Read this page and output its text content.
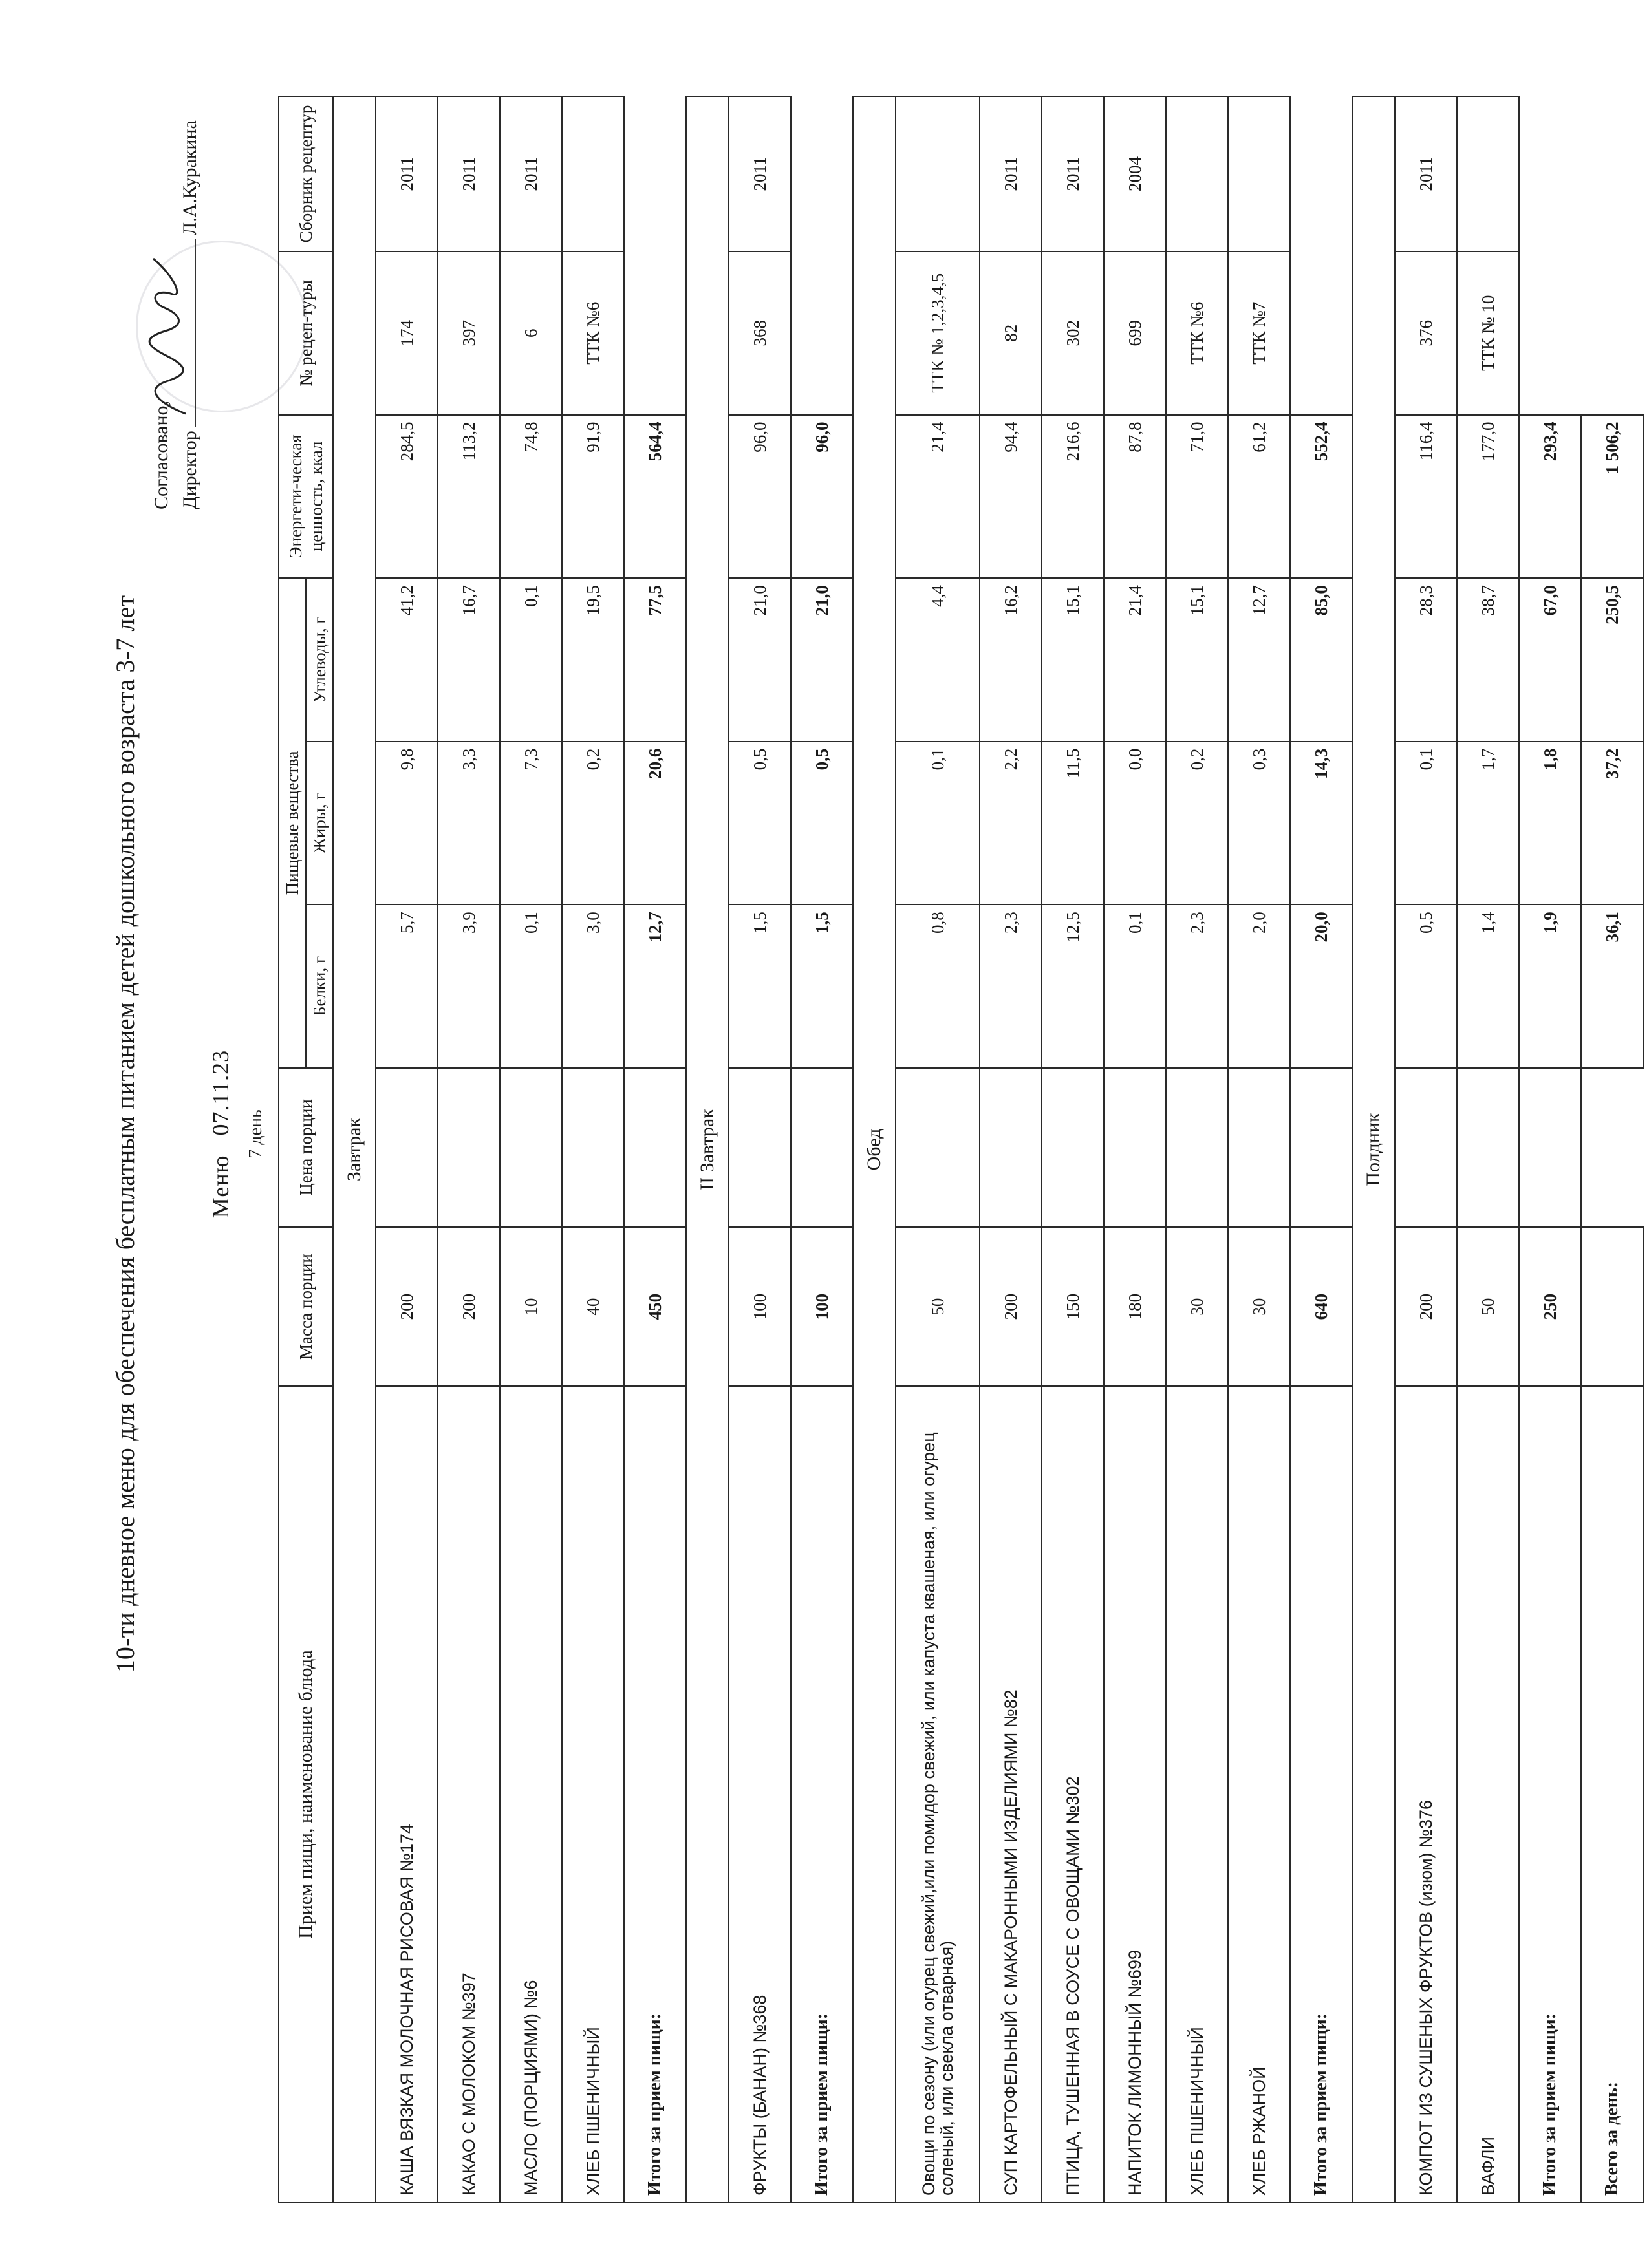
10-ти дневное меню для обеспечения бесплатным питанием детей дошкольного возраста 3-7 лет
Согласовано,
Директор
Л.А.Куракина
Меню07.11.23 7 день
Прием пищи, наименование блюда	Масса порции	Цена порции	Пищевые вещества			Энергети-ческая ценность, ккал	№ рецеп-туры	Сборник рецептур
			Белки, г	Жиры, г	Углеводы, г			
Завтрак								
КАША ВЯЗКАЯ МОЛОЧНАЯ РИСОВАЯ №174	200		5,7	9,8	41,2	284,5	174	2011
КАКАО С МОЛОКОМ №397	200		3,9	3,3	16,7	113,2	397	2011
МАСЛО (ПОРЦИЯМИ) №6	10		0,1	7,3	0,1	74,8	6	2011
ХЛЕБ ПШЕНИЧНЫЙ	40		3,0	0,2	19,5	91,9	ТТК №6	
Итого за прием пищи:	450		12,7	20,6	77,5	564,4		
II Завтрак								
ФРУКТЫ (БАНАН) №368	100		1,5	0,5	21,0	96,0	368	2011
Итого за прием пищи:	100		1,5	0,5	21,0	96,0		
Обед								
Овощи по сезону (или огурец свежий,или помидор свежий, или капуста квашеная, или огурец соленый, или свекла отварная)	50		0,8	0,1	4,4	21,4	ТТК № 1,2,3,4,5	
СУП КАРТОФЕЛЬНЫЙ С МАКАРОННЫМИ ИЗДЕЛИЯМИ №82	200		2,3	2,2	16,2	94,4	82	2011
ПТИЦА, ТУШЕННАЯ В СОУСЕ С ОВОЩАМИ №302	150		12,5	11,5	15,1	216,6	302	2011
НАПИТОК ЛИМОННЫЙ №699	180		0,1	0,0	21,4	87,8	699	2004
ХЛЕБ ПШЕНИЧНЫЙ	30		2,3	0,2	15,1	71,0	ТТК №6	
ХЛЕБ РЖАНОЙ	30		2,0	0,3	12,7	61,2	ТТК №7	
Итого за прием пищи:	640		20,0	14,3	85,0	552,4		
Полдник								
КОМПОТ ИЗ СУШЕНЫХ ФРУКТОВ (изюм) №376	200		0,5	0,1	28,3	116,4	376	2011
ВАФЛИ	50		1,4	1,7	38,7	177,0	ТТК № 10	
Итого за прием пищи:	250		1,9	1,8	67,0	293,4		
Всего за день:			36,1	37,2	250,5	1 506,2		
